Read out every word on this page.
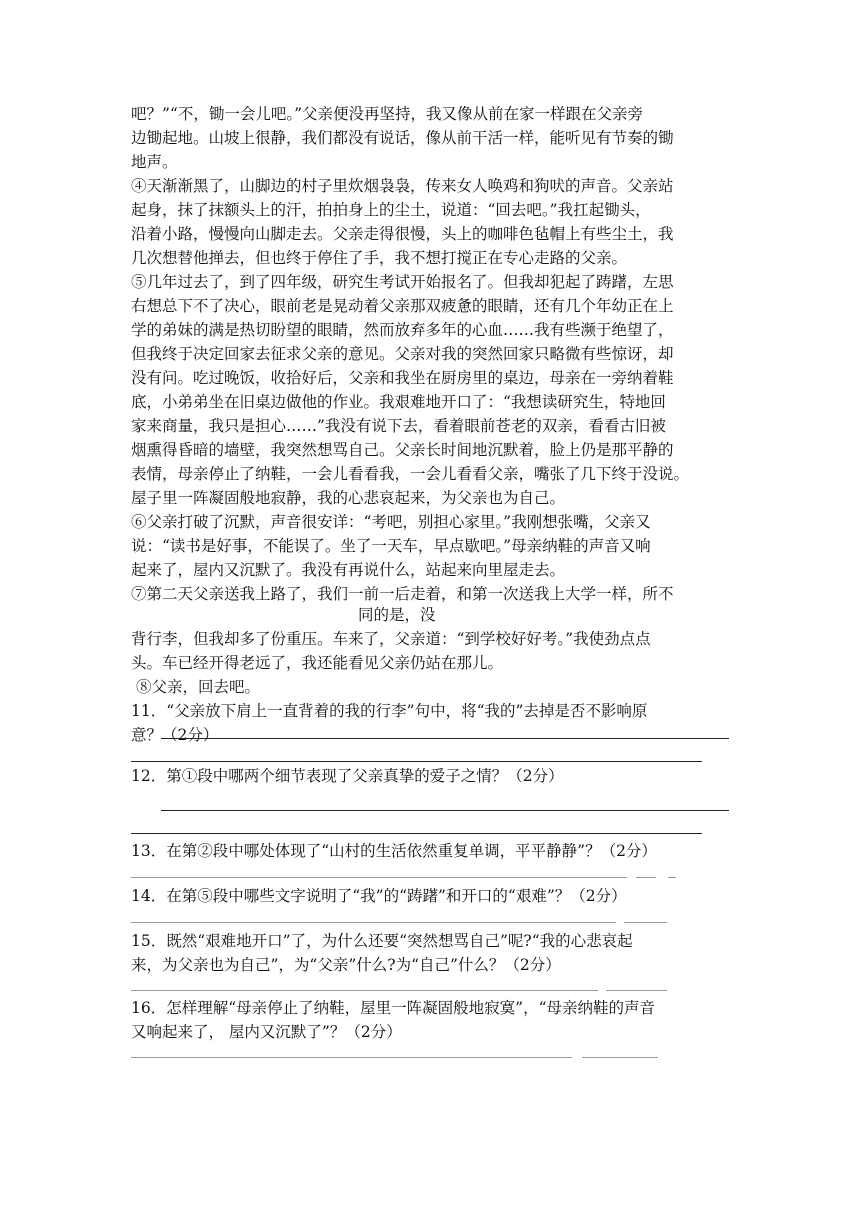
吧？”“不，锄一会儿吧。”父亲便没再坚持，我又像从前在家一样跟在父亲旁
边锄起地。山坡上很静，我们都没有说话，像从前干活一样，能听见有节奏的锄
地声。
④天渐渐黑了，山脚边的村子里炊烟袅袅，传来女人唤鸡和狗吠的声音。父亲站
起身，抹了抹额头上的汗，拍拍身上的尘土，说道：“回去吧。”我扛起锄头，
沿着小路，慢慢向山脚走去。父亲走得很慢，头上的咖啡色毡帽上有些尘土，我
几次想替他掸去，但也终于停住了手，我不想打搅正在专心走路的父亲。
⑤几年过去了，到了四年级，研究生考试开始报名了。但我却犯起了踌躇，左思
右想总下不了决心，眼前老是晃动着父亲那双疲惫的眼睛，还有几个年幼正在上
学的弟妹的满是热切盼望的眼睛，然而放弃多年的心血……我有些濒于绝望了，
但我终于决定回家去征求父亲的意见。父亲对我的突然回家只略微有些惊讶，却
没有问。吃过晚饭，收拾好后，父亲和我坐在厨房里的桌边，母亲在一旁纳着鞋
底，小弟弟坐在旧桌边做他的作业。我艰难地开口了：“我想读研究生，特地回
家来商量，我只是担心……”我没有说下去，看着眼前苍老的双亲，看看古旧被
烟熏得昏暗的墙壁，我突然想骂自己。父亲长时间地沉默着，脸上仍是那平静的
表情，母亲停止了纳鞋，一会儿看看我，一会儿看看父亲，嘴张了几下终于没说。
屋子里一阵凝固般地寂静，我的心悲哀起来，为父亲也为自己。
⑥父亲打破了沉默，声音很安详：“考吧，别担心家里。”我刚想张嘴，父亲又
说：“读书是好事，不能误了。坐了一天车，早点歇吧。”母亲纳鞋的声音又响
起来了，屋内又沉默了。我没有再说什么，站起来向里屋走去。
⑦第二天父亲送我上路了，我们一前一后走着，和第一次送我上大学一样，所不
同的是，没
背行李，但我却多了份重压。车来了，父亲道：“到学校好好考。”我使劲点点
头。车已经开得老远了，我还能看见父亲仍站在那儿。
⑧父亲，回去吧。
11．“父亲放下肩上一直背着的我的行李”句中，将“我的”去掉是否不影响原
意？（2分）
12．第①段中哪两个细节表现了父亲真挚的爱子之情？（2分）
13．在第②段中哪处体现了“山村的生活依然重复单调，平平静静”？（2分）
14．在第⑤段中哪些文字说明了“我”的“踌躇”和开口的“艰难”？（2分）
15．既然“艰难地开口”了，为什么还要“突然想骂自己”呢?“我的心悲哀起
来，为父亲也为自己”，为“父亲”什么?为“自己”什么？（2分）
16．怎样理解“母亲停止了纳鞋，屋里一阵凝固般地寂寞”，“母亲纳鞋的声音
又响起来了， 屋内又沉默了”？（2分）
